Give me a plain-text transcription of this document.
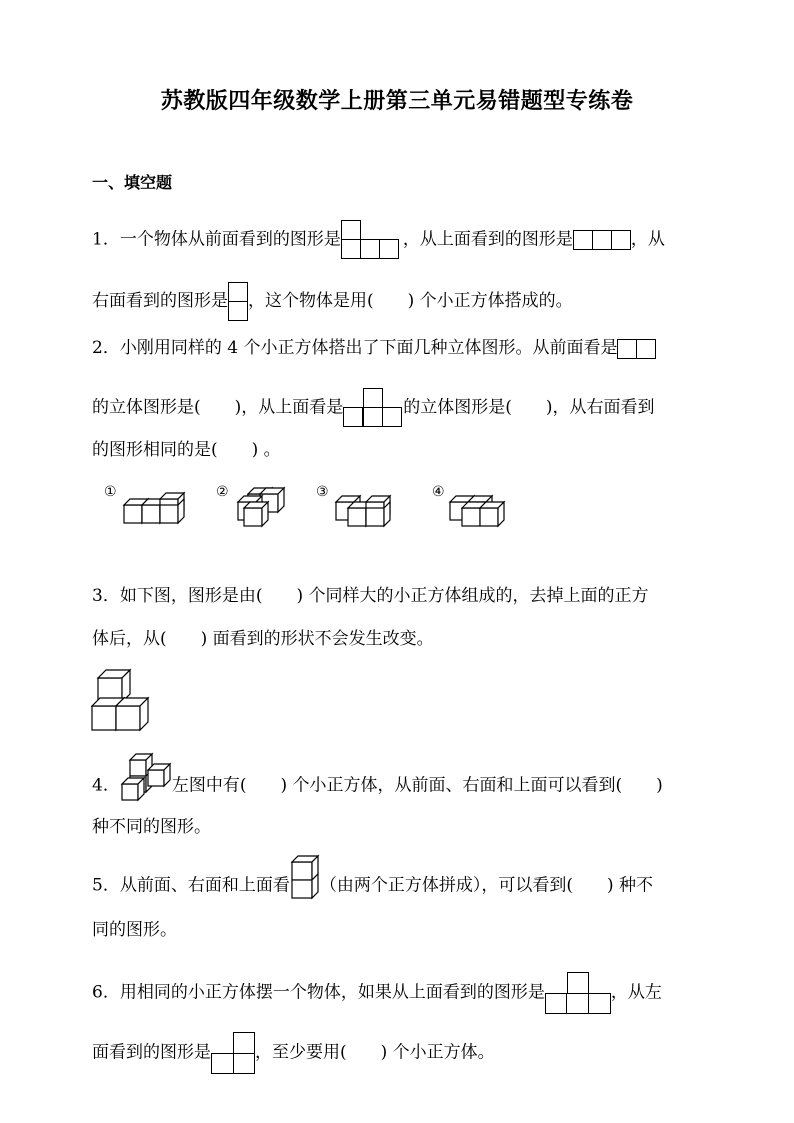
苏教版四年级数学上册第三单元易错题型专练卷
一、填空题
1．一个物体从前面看到的图形是	，从上面看到的图形是	，从
右面看到的图形是 ，这个物体是用(　　) 个小正方体搭成的。
2．小刚用同样的 4 个小正方体搭出了下面几种立体图形。从前面看是
的立体图形是(　　)，从上面看是	的立体图形是(　　)，从右面看到
的图形相同的是(　　) 。
①	②	③	④
3．如下图，图形是由(　　) 个同样大的小正方体组成的，去掉上面的正方
体后，从(　　) 面看到的形状不会发生改变。
4．	左图中有(　　) 个小正方体，从前面、右面和上面可以看到(　　)
种不同的图形。
5．从前面、右面和上面看 （由两个正方体拼成），可以看到(　　) 种不
同的图形。
6．用相同的小正方体摆一个物体，如果从上面看到的图形是	，从左
面看到的图形是	，至少要用(　　) 个小正方体。
